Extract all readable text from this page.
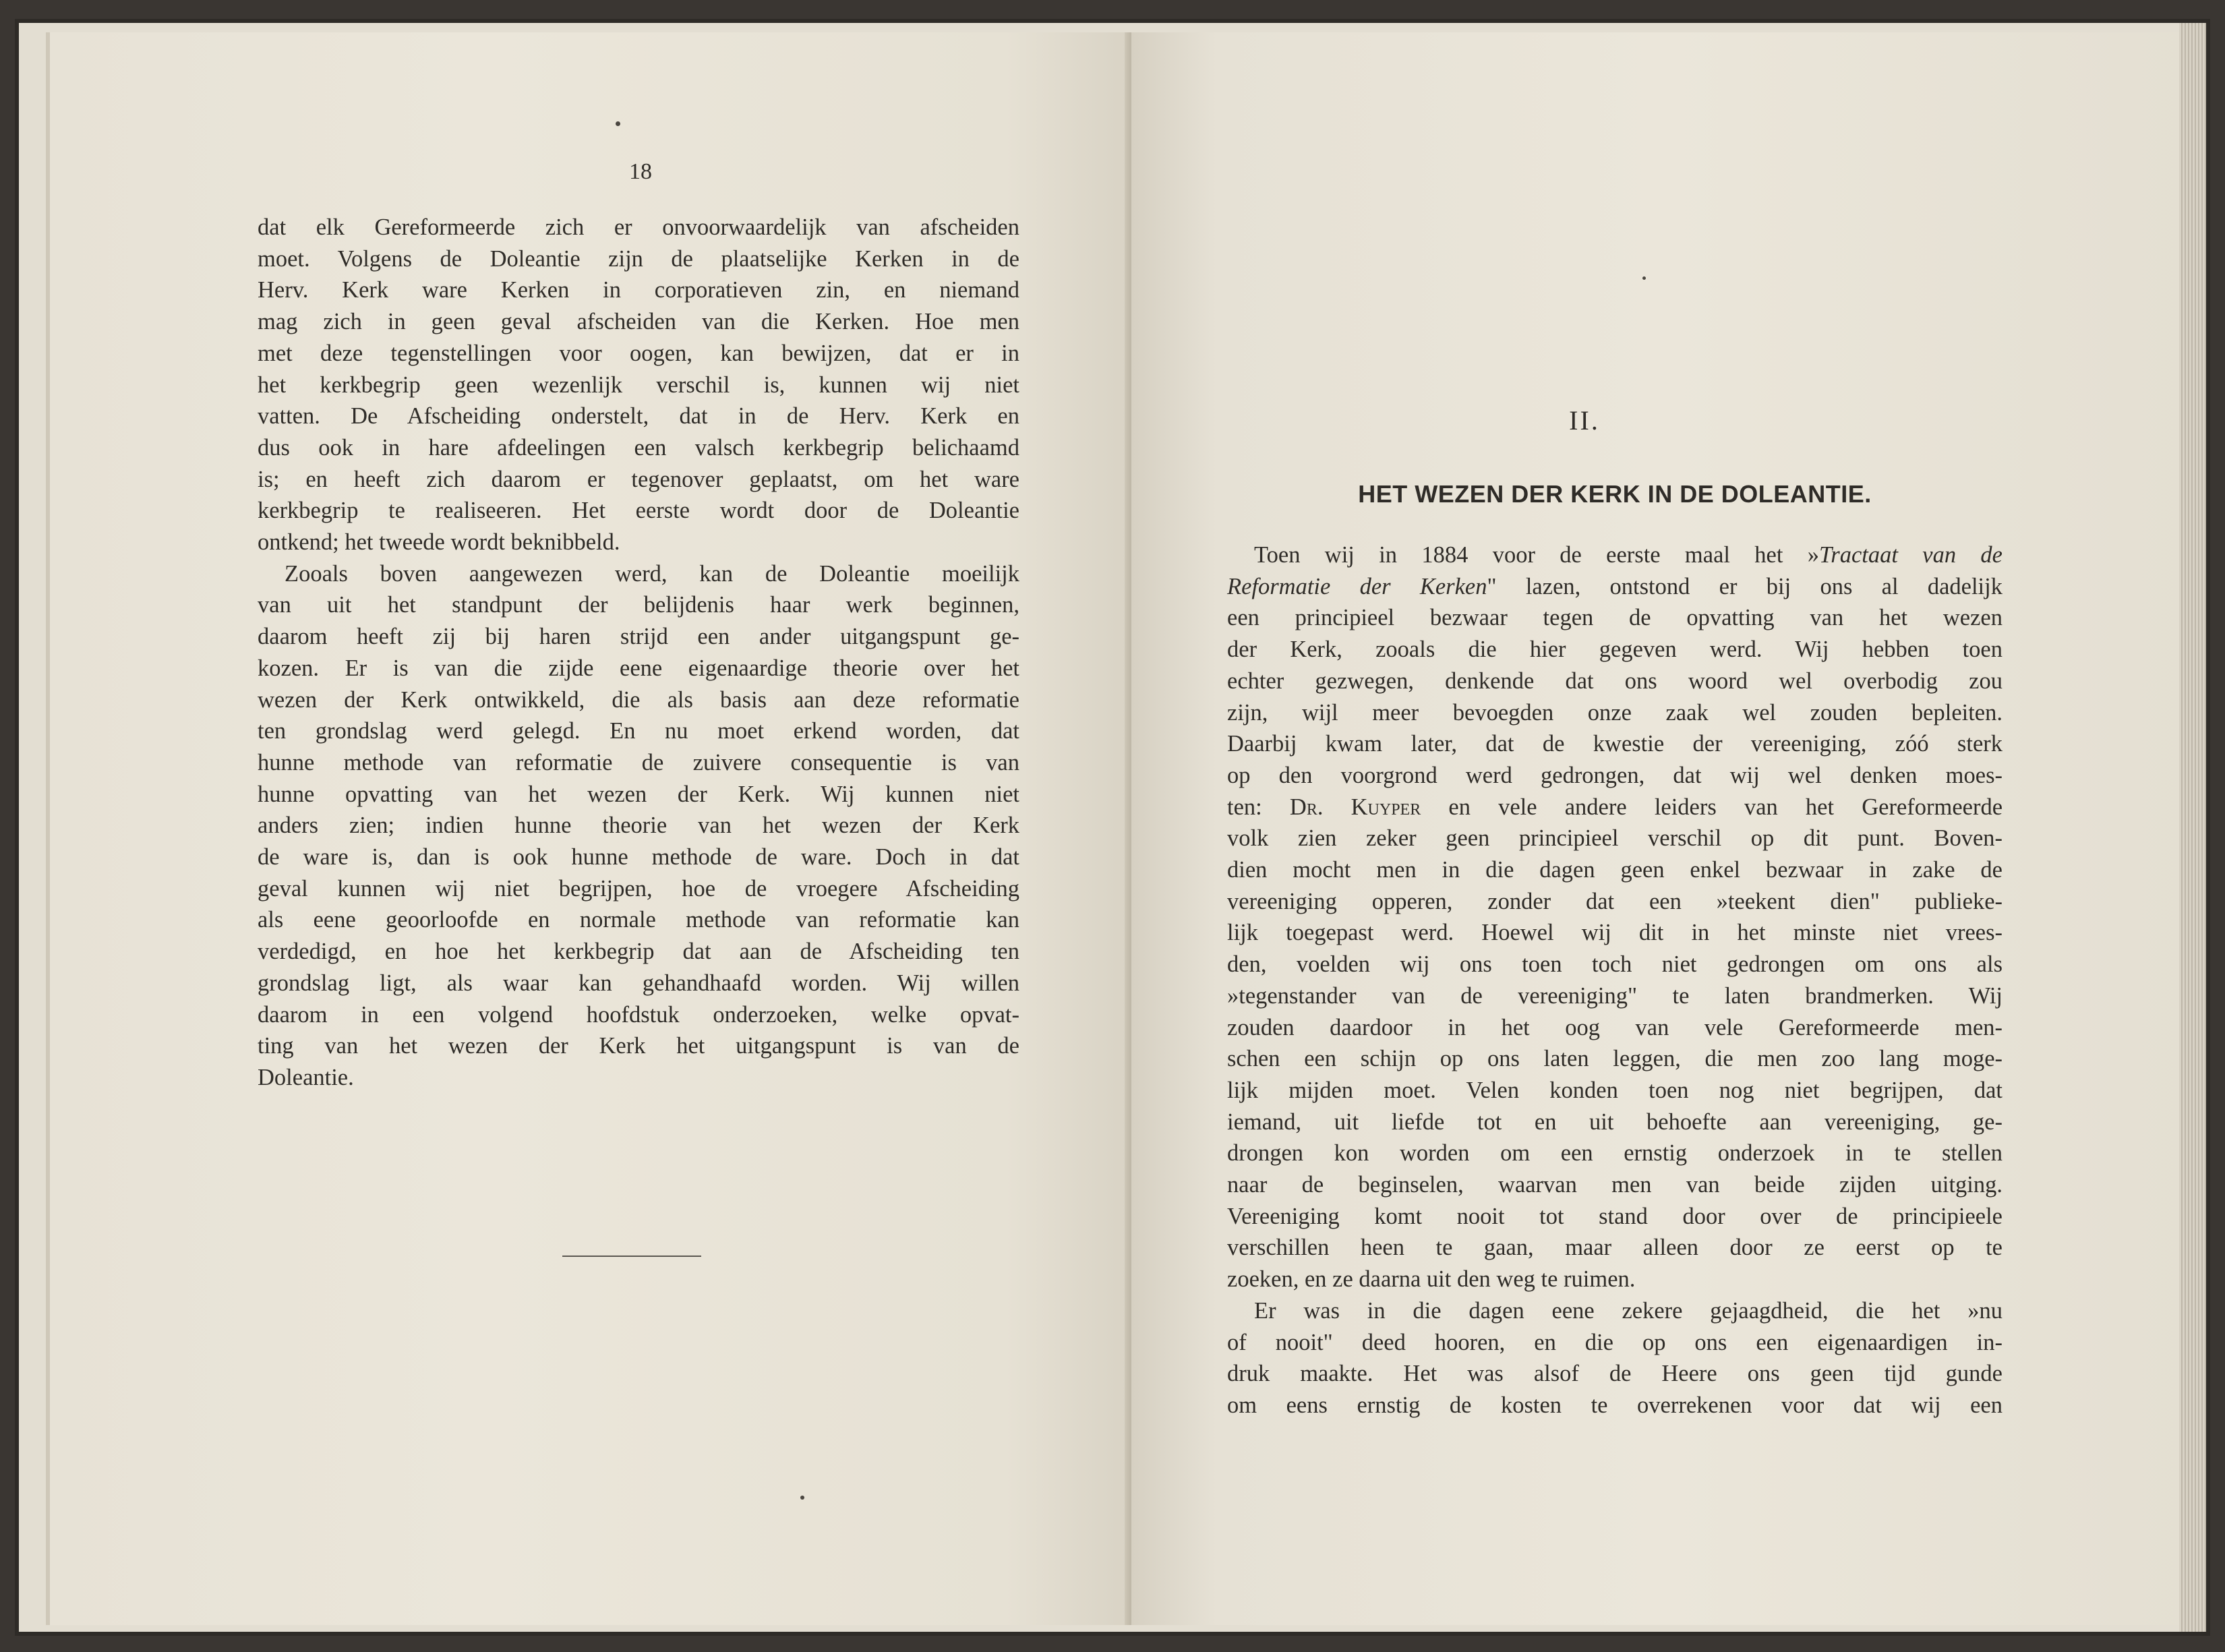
18
dat elk Gereformeerde zich er onvoorwaardelijk van afscheiden
moet. Volgens de Doleantie zijn de plaatselijke Kerken in de
Herv. Kerk ware Kerken in corporatieven zin, en niemand
mag zich in geen geval afscheiden van die Kerken. Hoe men
met deze tegenstellingen voor oogen, kan bewijzen, dat er in
het kerkbegrip geen wezenlijk verschil is, kunnen wij niet
vatten. De Afscheiding onderstelt, dat in de Herv. Kerk en
dus ook in hare afdeelingen een valsch kerkbegrip belichaamd
is; en heeft zich daarom er tegenover geplaatst, om het ware
kerkbegrip te realiseeren. Het eerste wordt door de Doleantie
ontkend; het tweede wordt beknibbeld.
Zooals boven aangewezen werd, kan de Doleantie moeilijk
van uit het standpunt der belijdenis haar werk beginnen,
daarom heeft zij bij haren strijd een ander uitgangspunt ge-
kozen. Er is van die zijde eene eigenaardige theorie over het
wezen der Kerk ontwikkeld, die als basis aan deze reformatie
ten grondslag werd gelegd. En nu moet erkend worden, dat
hunne methode van reformatie de zuivere consequentie is van
hunne opvatting van het wezen der Kerk. Wij kunnen niet
anders zien; indien hunne theorie van het wezen der Kerk
de ware is, dan is ook hunne methode de ware. Doch in dat
geval kunnen wij niet begrijpen, hoe de vroegere Afscheiding
als eene geoorloofde en normale methode van reformatie kan
verdedigd, en hoe het kerkbegrip dat aan de Afscheiding ten
grondslag ligt, als waar kan gehandhaafd worden. Wij willen
daarom in een volgend hoofdstuk onderzoeken, welke opvat-
ting van het wezen der Kerk het uitgangspunt is van de
Doleantie.
II.
HET WEZEN DER KERK IN DE DOLEANTIE.
Toen wij in 1884 voor de eerste maal het »Tractaat van de
Reformatie der Kerken" lazen, ontstond er bij ons al dadelijk
een principieel bezwaar tegen de opvatting van het wezen
der Kerk, zooals die hier gegeven werd. Wij hebben toen
echter gezwegen, denkende dat ons woord wel overbodig zou
zijn, wijl meer bevoegden onze zaak wel zouden bepleiten.
Daarbij kwam later, dat de kwestie der vereeniging, zóó sterk
op den voorgrond werd gedrongen, dat wij wel denken moes-
ten: Dr. Kuyper en vele andere leiders van het Gereformeerde
volk zien zeker geen principieel verschil op dit punt. Boven-
dien mocht men in die dagen geen enkel bezwaar in zake de
vereeniging opperen, zonder dat een »teekent dien" publieke-
lijk toegepast werd. Hoewel wij dit in het minste niet vrees-
den, voelden wij ons toen toch niet gedrongen om ons als
»tegenstander van de vereeniging" te laten brandmerken. Wij
zouden daardoor in het oog van vele Gereformeerde men-
schen een schijn op ons laten leggen, die men zoo lang moge-
lijk mijden moet. Velen konden toen nog niet begrijpen, dat
iemand, uit liefde tot en uit behoefte aan vereeniging, ge-
drongen kon worden om een ernstig onderzoek in te stellen
naar de beginselen, waarvan men van beide zijden uitging.
Vereeniging komt nooit tot stand door over de principieele
verschillen heen te gaan, maar alleen door ze eerst op te
zoeken, en ze daarna uit den weg te ruimen.
Er was in die dagen eene zekere gejaagdheid, die het »nu
of nooit" deed hooren, en die op ons een eigenaardigen in-
druk maakte. Het was alsof de Heere ons geen tijd gunde
om eens ernstig de kosten te overrekenen voor dat wij een
